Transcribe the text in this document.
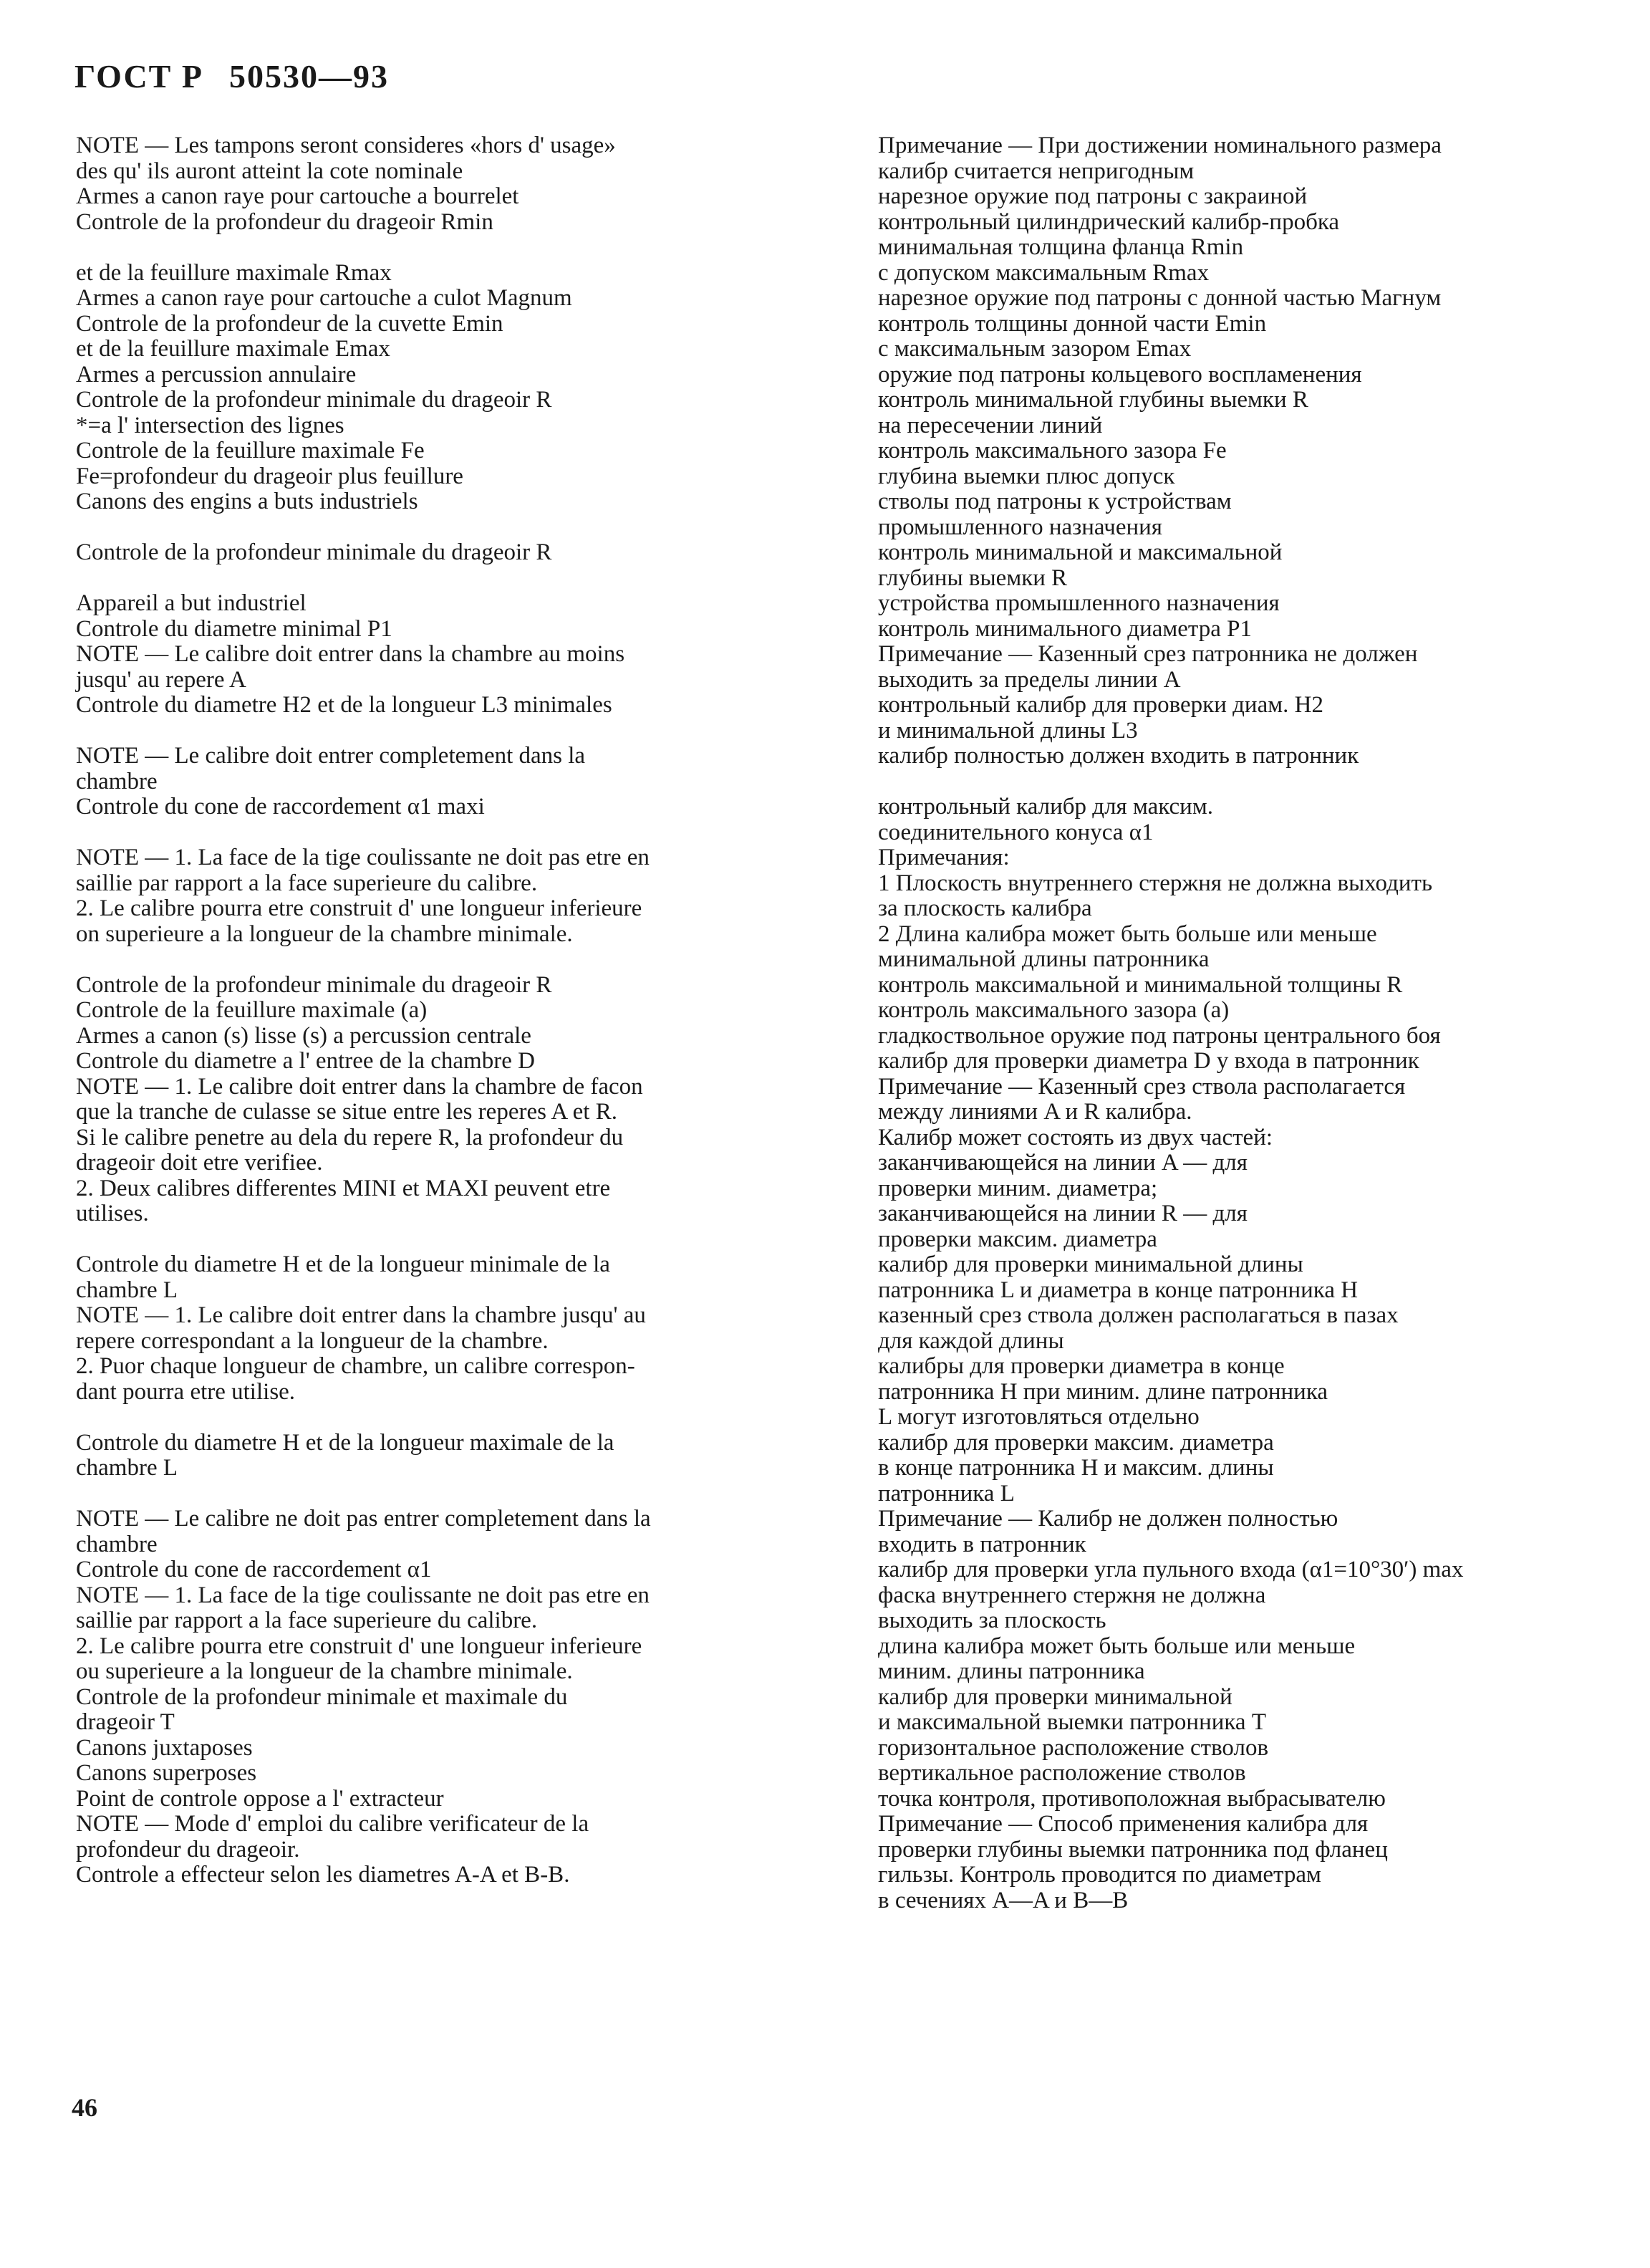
ГОСТ Р 50530—93
NOTE — Les tampons seront consideres «hors d' usage»
des qu' ils auront atteint la cote nominale
Armes a canon raye pour cartouche a bourrelet
Controle de la profondeur du drageoir Rmin
et de la feuillure maximale Rmax
Armes a canon raye pour cartouche a culot Magnum
Controle de la profondeur de la cuvette Emin
et de la feuillure maximale Emax
Armes a percussion annulaire
Controle de la profondeur minimale du drageoir R
*=a l' intersection des lignes
Controle de la feuillure maximale Fe
Fe=profondeur du drageoir plus feuillure
Canons des engins a buts industriels
Controle de la profondeur minimale du drageoir R
Appareil a but industriel
Controle du diametre minimal P1
NOTE — Le calibre doit entrer dans la chambre au moins
jusqu' au repere A
Controle du diametre H2 et de la longueur L3 minimales
NOTE — Le calibre doit entrer completement dans la
chambre
Controle du cone de raccordement α1 maxi
NOTE — 1. La face de la tige coulissante ne doit pas etre en
saillie par rapport a la face superieure du calibre.
2. Le calibre pourra etre construit d' une longueur inferieure
on superieure a la longueur de la chambre minimale.
Controle de la profondeur minimale du drageoir R
Controle de la feuillure maximale (a)
Armes a canon (s) lisse (s) a percussion centrale
Controle du diametre a l' entree de la chambre D
NOTE — 1. Le calibre doit entrer dans la chambre de facon
que la tranche de culasse se situe entre les reperes A et R.
Si le calibre penetre au dela du repere R, la profondeur du
drageoir doit etre verifiee.
2. Deux calibres differentes MINI et MAXI peuvent etre
utilises.
Controle du diametre H et de la longueur minimale de la
chambre L
NOTE — 1. Le calibre doit entrer dans la chambre jusqu' au
repere correspondant a la longueur de la chambre.
2. Puor chaque longueur de chambre, un calibre correspon-
dant pourra etre utilise.
Controle du diametre H et de la longueur maximale de la
chambre L
NOTE — Le calibre ne doit pas entrer completement dans la
chambre
Controle du cone de raccordement α1
NOTE — 1. La face de la tige coulissante ne doit pas etre en
saillie par rapport a la face superieure du calibre.
2. Le calibre pourra etre construit d' une longueur inferieure
ou superieure a la longueur de la chambre minimale.
Controle de la profondeur minimale et maximale du
drageoir T
Canons juxtaposes
Canons superposes
Point de controle oppose a l' extracteur
NOTE — Mode d' emploi du calibre verificateur de la
profondeur du drageoir.
Controle a effecteur selon les diametres A-A et B-B.
Примечание — При достижении номинального размера
калибр считается непригодным
нарезное оружие под патроны с закраиной
контрольный цилиндрический калибр-пробка
минимальная толщина фланца Rmin
с допуском максимальным Rmax
нарезное оружие под патроны с донной частью Магнум
контроль толщины донной части Emin
с максимальным зазором Emax
оружие под патроны кольцевого воспламенения
контроль минимальной глубины выемки R
на пересечении линий
контроль максимального зазора Fe
глубина выемки плюс допуск
стволы под патроны к устройствам
промышленного назначения
контроль минимальной и максимальной
глубины выемки R
устройства промышленного назначения
контроль минимального диаметра P1
Примечание — Казенный срез патронника не должен
выходить за пределы линии A
контрольный калибр для проверки диам. H2
и минимальной длины L3
калибр полностью должен входить в патронник
контрольный калибр для максим.
соединительного конуса α1
Примечания:
1 Плоскость внутреннего стержня не должна выходить
за плоскость калибра
2 Длина калибра может быть больше или меньше
минимальной длины патронника
контроль максимальной и минимальной толщины R
контроль максимального зазора (a)
гладкоствольное оружие под патроны центрального боя
калибр для проверки диаметра D у входа в патронник
Примечание — Казенный срез ствола располагается
между линиями A и R калибра.
Калибр может состоять из двух частей:
заканчивающейся на линии A — для
проверки миним. диаметра;
заканчивающейся на линии R — для
проверки максим. диаметра
калибр для проверки минимальной длины
патронника L и диаметра в конце патронника H
казенный срез ствола должен располагаться в пазах
для каждой длины
калибры для проверки диаметра в конце
патронника H при миним. длине патронника
L могут изготовляться отдельно
калибр для проверки максим. диаметра
в конце патронника H и максим. длины
патронника L
Примечание — Калибр не должен полностью
входить в патронник
калибр для проверки угла пульного входа (α1=10°30′) max
фаска внутреннего стержня не должна
выходить за плоскость
длина калибра может быть больше или меньше
миним. длины патронника
калибр для проверки минимальной
и максимальной выемки патронника T
горизонтальное расположение стволов
вертикальное расположение стволов
точка контроля, противоположная выбрасывателю
Примечание — Способ применения калибра для
проверки глубины выемки патронника под фланец
гильзы. Контроль проводится по диаметрам
в сечениях A—A и B—B
46
